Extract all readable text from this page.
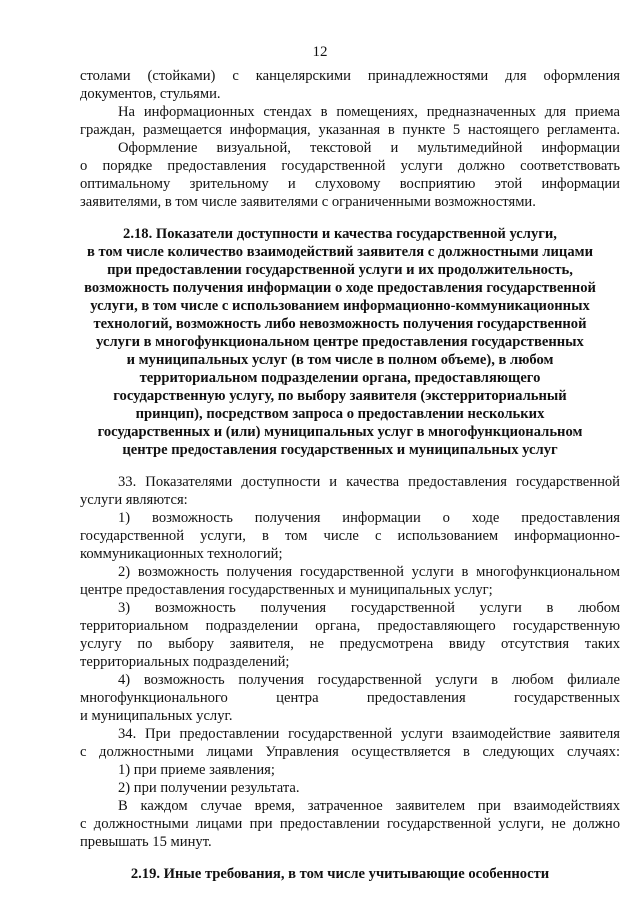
12
столами (стойками) с канцелярскими принадлежностями для оформления
документов, стульями.
На информационных стендах в помещениях, предназначенных для приема
граждан, размещается информация, указанная в пункте 5 настоящего регламента.
Оформление визуальной, текстовой и мультимедийной информации
о порядке предоставления государственной услуги должно соответствовать
оптимальному зрительному и слуховому восприятию этой информации
заявителями, в том числе заявителями с ограниченными возможностями.
2.18. Показатели доступности и качества государственной услуги,
в том числе количество взаимодействий заявителя с должностными лицами
при предоставлении государственной услуги и их продолжительность,
возможность получения информации о ходе предоставления государственной
услуги, в том числе с использованием информационно-коммуникационных
технологий, возможность либо невозможность получения государственной
услуги в многофункциональном центре предоставления государственных
и муниципальных услуг (в том числе в полном объеме), в любом
территориальном подразделении органа, предоставляющего
государственную услугу, по выбору заявителя (экстерриториальный
принцип), посредством запроса о предоставлении нескольких
государственных и (или) муниципальных услуг в многофункциональном
центре предоставления государственных и муниципальных услуг
33. Показателями доступности и качества предоставления государственной
услуги являются:
1) возможность получения информации о ходе предоставления
государственной услуги, в том числе с использованием информационно-
коммуникационных технологий;
2) возможность получения государственной услуги в многофункциональном
центре предоставления государственных и муниципальных услуг;
3) возможность получения государственной услуги в любом
территориальном подразделении органа, предоставляющего государственную
услугу по выбору заявителя, не предусмотрена ввиду отсутствия таких
территориальных подразделений;
4) возможность получения государственной услуги в любом филиале
многофункционального центра предоставления государственных
и муниципальных услуг.
34. При предоставлении государственной услуги взаимодействие заявителя
с должностными лицами Управления осуществляется в следующих случаях:
1) при приеме заявления;
2) при получении результата.
В каждом случае время, затраченное заявителем при взаимодействиях
с должностными лицами при предоставлении государственной услуги, не должно
превышать 15 минут.
2.19. Иные требования, в том числе учитывающие особенности
